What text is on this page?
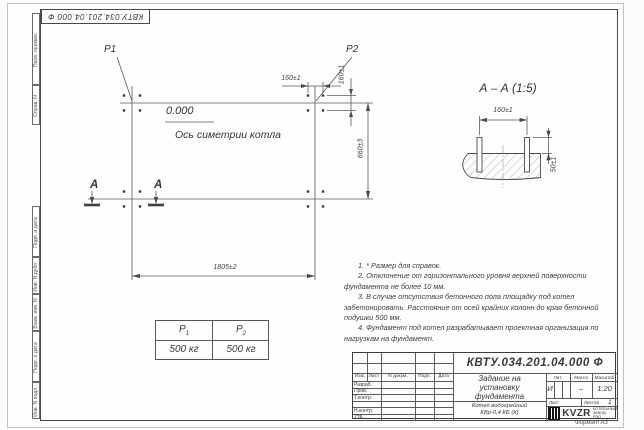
КВТУ.034.201.04.000 Ф
Перв. примен.
Справ. N
Подп. и дата
Инв. N дубл.
Взам. инв. N
Подп. и дата
Инв. N подл.
P1	P2
0.000
Ось симетрии котла
1805±2
660±3
160±1	160±1
А	А
А – А (1:5)
160±1
50±1
$Р_1$	$Р_2$
500 кг	500 кг

1. * Размер для справок.

2. Отклонение от горизонтального уровня верхней поверхности фундамента не более 10 мм.

3. В случае отсутствия бетонного пола площадку под котел забетонировать. Расстояние от осей крайних колонн до края бетонной подушки 500 мм.

4. Фундамент под котел разрабатывает проектная организация по нагрузкам на фундамент.

КВТУ.034.201.04.000 Ф
Изм. Лист	N докум.	Подп.	Дата
Разраб.
Пров.
Т.контр.
Н.контр.
Утв.
Задание на установку фундамента
Котел водогрейный КВр-0,4 КБ (К)
Лит.	Масса	Масштаб
И	–	1:20
Лист	Листов	1
KVZR КОТЕЛЬНЫЙ ЗАВОД РЭП
Формат А3
